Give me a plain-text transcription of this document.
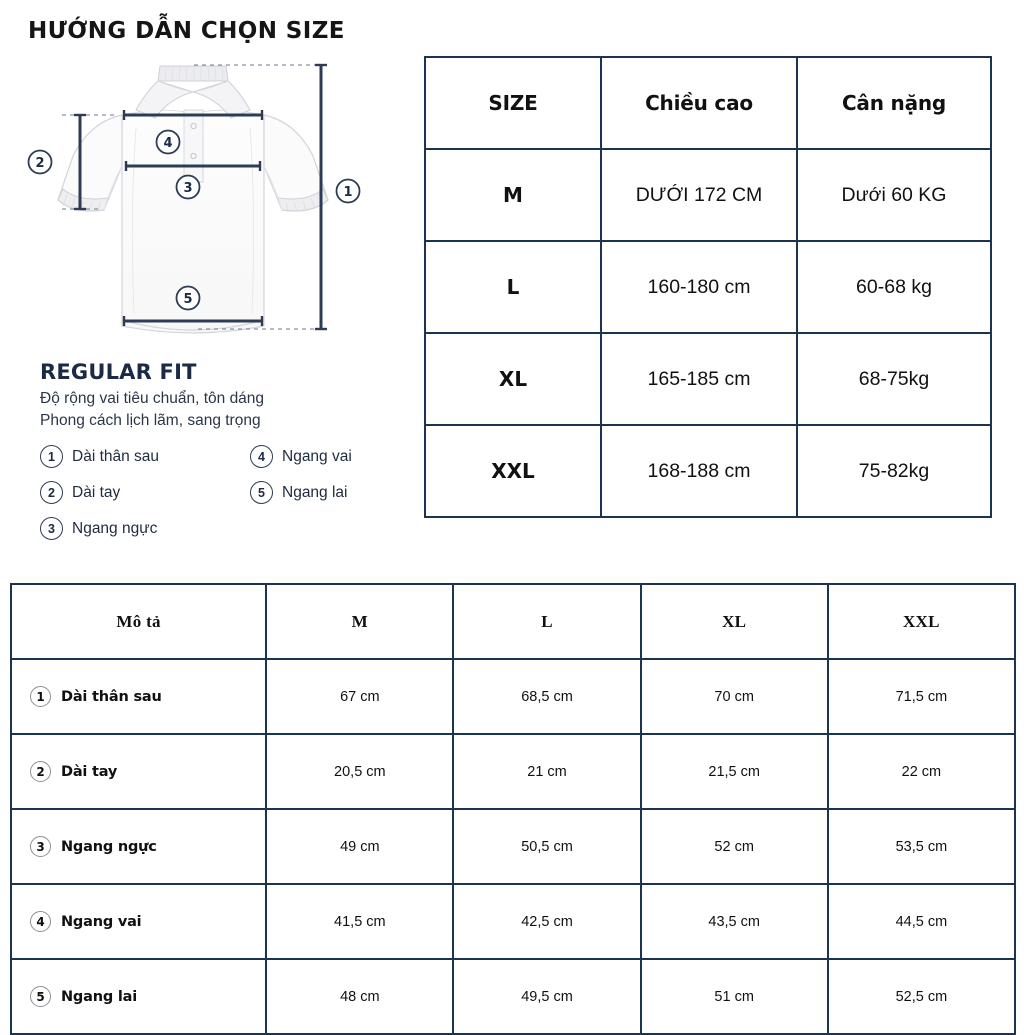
HƯỚNG DẪN CHỌN SIZE
2
4
3
5
1
REGULAR FIT
Độ rộng vai tiêu chuẩn, tôn dáng
Phong cách lịch lãm, sang trọng
1	Dài thân sau
2	Dài tay
3	Ngang ngực
4	Ngang vai
5	Ngang lai
SIZE	Chiều cao	Cân nặng
M	DƯỚI 172 CM	Dưới 60 KG
L	160-180 cm	60-68 kg
XL	165-185 cm	68-75kg
XXL	168-188 cm	75-82kg
Mô tả	M	L	XL	XXL

1 Dài thân sau	67 cm	68,5 cm	70 cm	71,5 cm

2 Dài tay	20,5 cm	21 cm	21,5 cm	22 cm

3 Ngang ngực	49 cm	50,5 cm	52 cm	53,5 cm

4 Ngang vai	41,5 cm	42,5 cm	43,5 cm	44,5 cm

5 Ngang lai	48 cm	49,5 cm	51 cm	52,5 cm
